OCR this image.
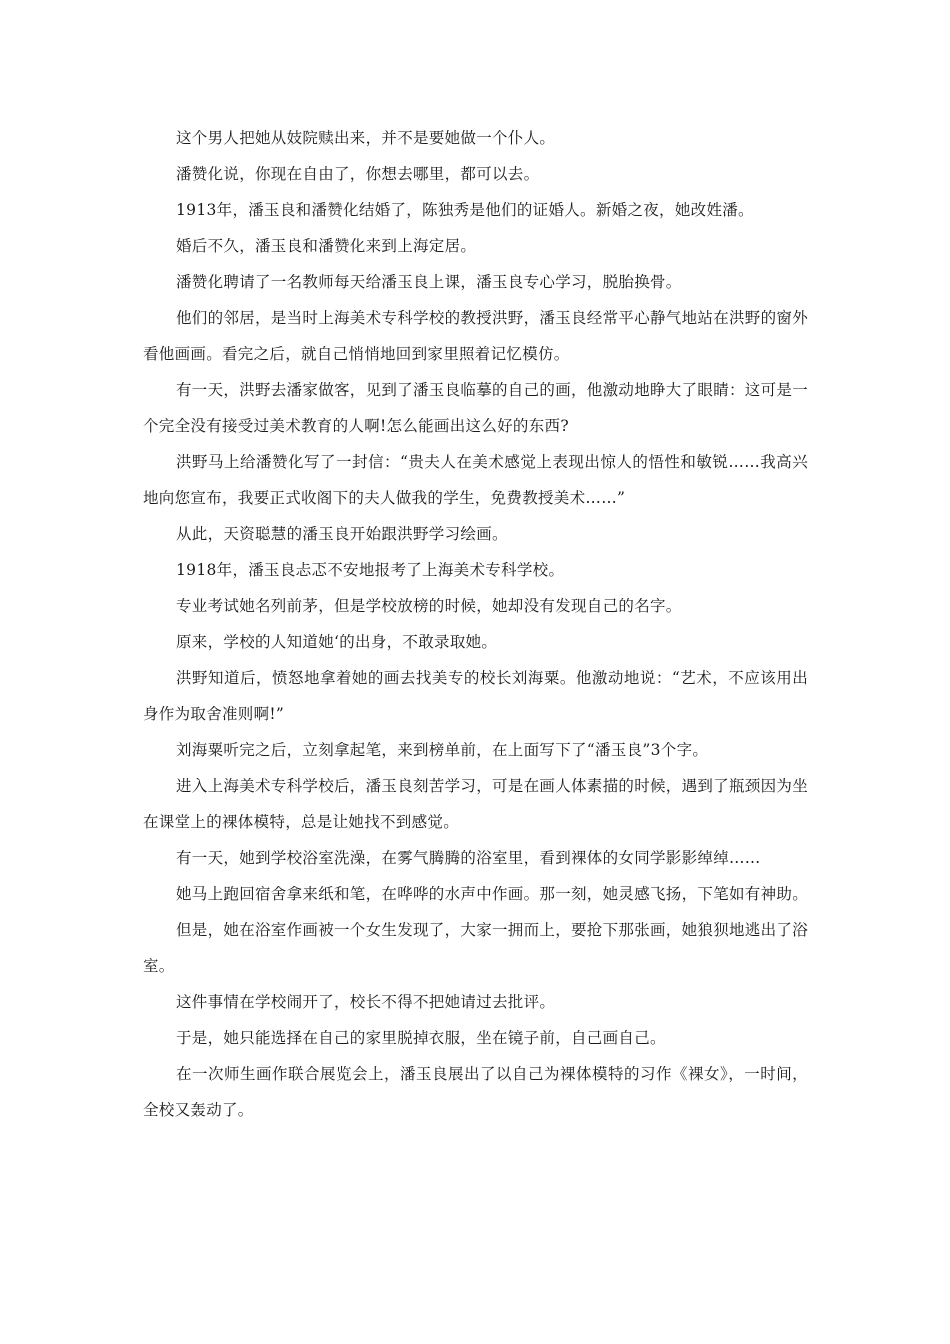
这个男人把她从妓院赎出来，并不是要她做一个仆人。

潘赞化说，你现在自由了，你想去哪里，都可以去。

1913年，潘玉良和潘赞化结婚了，陈独秀是他们的证婚人。新婚之夜，她改姓潘。

婚后不久，潘玉良和潘赞化来到上海定居。

潘赞化聘请了一名教师每天给潘玉良上课，潘玉良专心学习，脱胎换骨。

他们的邻居，是当时上海美术专科学校的教授洪野，潘玉良经常平心静气地站在洪野的窗外看他画画。看完之后，就自己悄悄地回到家里照着记忆模仿。

有一天，洪野去潘家做客，见到了潘玉良临摹的自己的画，他激动地睁大了眼睛：这可是一个完全没有接受过美术教育的人啊!怎么能画出这么好的东西?

洪野马上给潘赞化写了一封信：“贵夫人在美术感觉上表现出惊人的悟性和敏锐……我高兴地向您宣布，我要正式收阁下的夫人做我的学生，免费教授美术……”

从此，天资聪慧的潘玉良开始跟洪野学习绘画。

1918年，潘玉良忐忑不安地报考了上海美术专科学校。

专业考试她名列前茅，但是学校放榜的时候，她却没有发现自己的名字。

原来，学校的人知道她‘的出身，不敢录取她。

洪野知道后，愤怒地拿着她的画去找美专的校长刘海粟。他激动地说：“艺术，不应该用出身作为取舍准则啊!”

刘海粟听完之后，立刻拿起笔，来到榜单前，在上面写下了“潘玉良”3个字。

进入上海美术专科学校后，潘玉良刻苦学习，可是在画人体素描的时候，遇到了瓶颈因为坐在课堂上的裸体模特，总是让她找不到感觉。

有一天，她到学校浴室洗澡，在雾气腾腾的浴室里，看到裸体的女同学影影绰绰……

她马上跑回宿舍拿来纸和笔，在哗哗的水声中作画。那一刻，她灵感飞扬，下笔如有神助。

但是，她在浴室作画被一个女生发现了，大家一拥而上，要抢下那张画，她狼狈地逃出了浴室。

这件事情在学校闹开了，校长不得不把她请过去批评。

于是，她只能选择在自己的家里脱掉衣服，坐在镜子前，自己画自己。

在一次师生画作联合展览会上，潘玉良展出了以自己为裸体模特的习作《裸女》，一时间，全校又轰动了。
